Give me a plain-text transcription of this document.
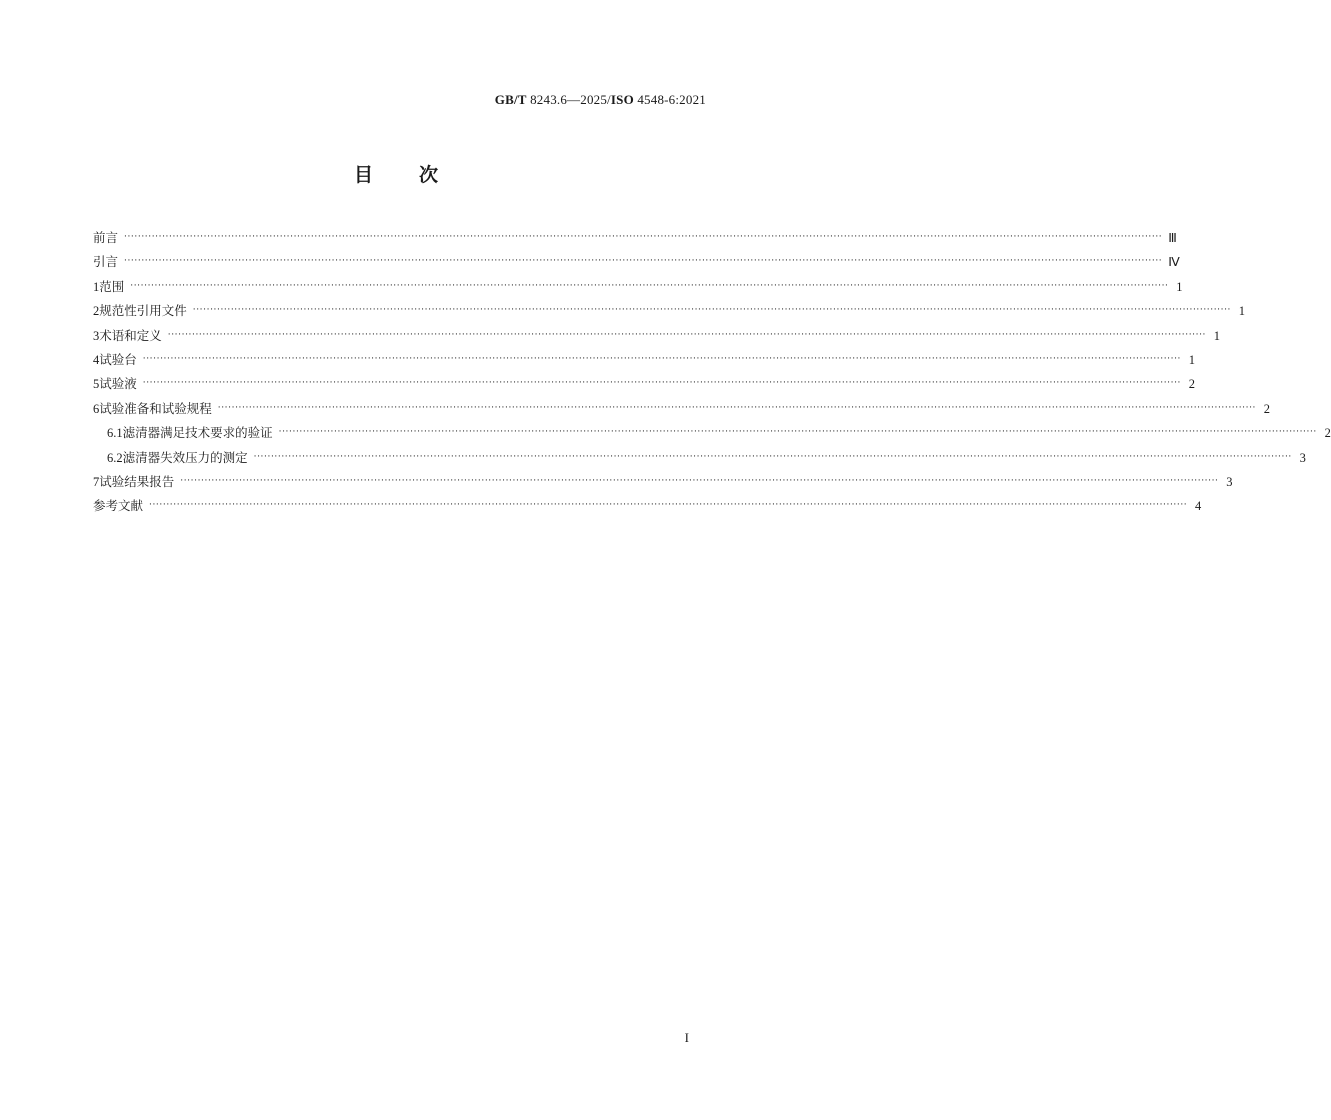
GB/T 8243.6—2025/ISO 4548-6:2021
目 次
前言 ············································································································································································································································································································ Ⅲ
引言 ············································································································································································································································································································ Ⅳ
1 范围 ············································································································································································································································································································ 1
2 规范性引用文件 ············································································································································································································································································································ 1
3 术语和定义 ············································································································································································································································································································ 1
4 试验台 ············································································································································································································································································································ 1
5 试验液 ············································································································································································································································································································ 2
6 试验准备和试验规程 ············································································································································································································································································································ 2
6.1 滤清器满足技术要求的验证 ············································································································································································································································································································ 2
6.2 滤清器失效压力的测定 ············································································································································································································································································································ 3
7 试验结果报告 ············································································································································································································································································································ 3
参考文献 ············································································································································································································································································································ 4
I
